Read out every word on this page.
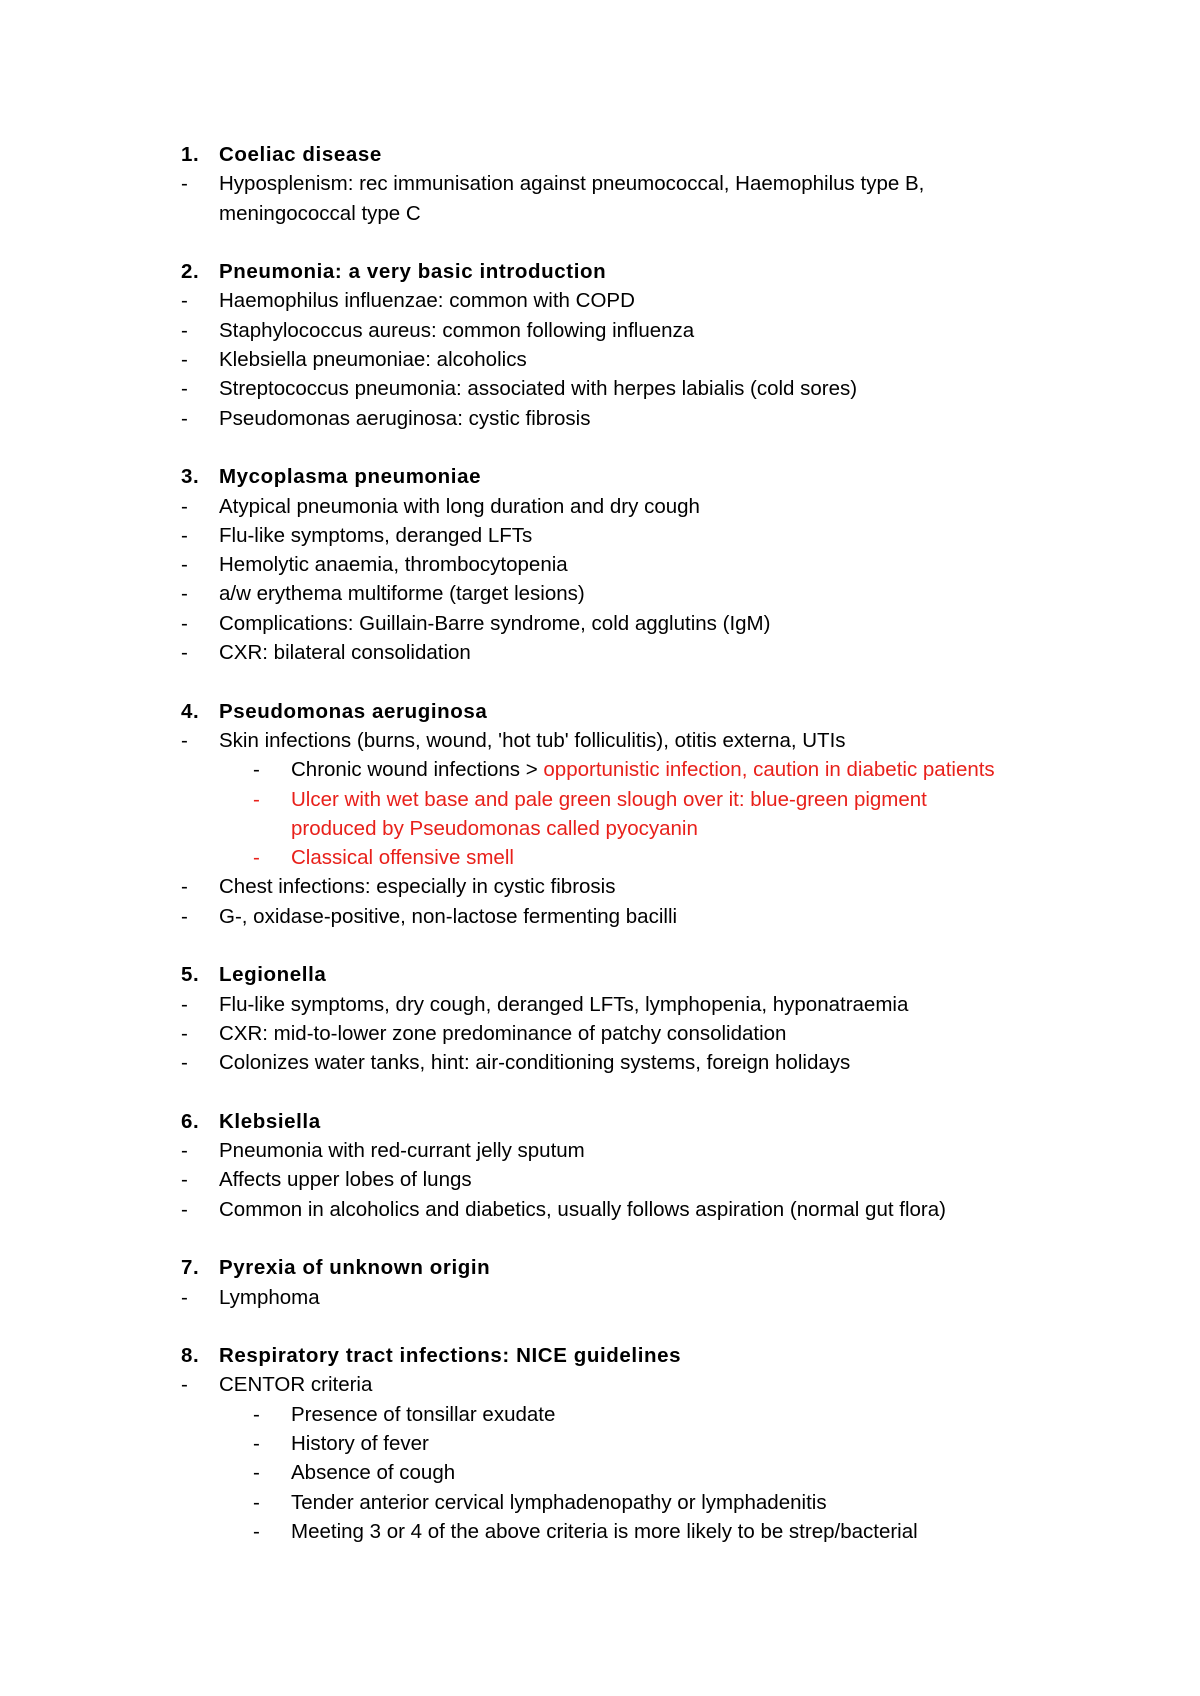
1. Coeliac disease
- Hyposplenism: rec immunisation against pneumococcal, Haemophilus type B, meningococcal type C
2. Pneumonia: a very basic introduction
- Haemophilus influenzae: common with COPD
- Staphylococcus aureus: common following influenza
- Klebsiella pneumoniae: alcoholics
- Streptococcus pneumonia: associated with herpes labialis (cold sores)
- Pseudomonas aeruginosa: cystic fibrosis
3. Mycoplasma pneumoniae
- Atypical pneumonia with long duration and dry cough
- Flu-like symptoms, deranged LFTs
- Hemolytic anaemia, thrombocytopenia
- a/w erythema multiforme (target lesions)
- Complications: Guillain-Barre syndrome, cold agglutins (IgM)
- CXR: bilateral consolidation
4. Pseudomonas aeruginosa
- Skin infections (burns, wound, 'hot tub' folliculitis), otitis externa, UTIs
- Chronic wound infections > opportunistic infection, caution in diabetic patients
- Ulcer with wet base and pale green slough over it: blue-green pigment produced by Pseudomonas called pyocyanin
- Classical offensive smell
- Chest infections: especially in cystic fibrosis
- G-, oxidase-positive, non-lactose fermenting bacilli
5. Legionella
- Flu-like symptoms, dry cough, deranged LFTs, lymphopenia, hyponatraemia
- CXR: mid-to-lower zone predominance of patchy consolidation
- Colonizes water tanks, hint: air-conditioning systems, foreign holidays
6. Klebsiella
- Pneumonia with red-currant jelly sputum
- Affects upper lobes of lungs
- Common in alcoholics and diabetics, usually follows aspiration (normal gut flora)
7. Pyrexia of unknown origin
- Lymphoma
8. Respiratory tract infections: NICE guidelines
- CENTOR criteria
- Presence of tonsillar exudate
- History of fever
- Absence of cough
- Tender anterior cervical lymphadenopathy or lymphadenitis
- Meeting 3 or 4 of the above criteria is more likely to be strep/bacterial
